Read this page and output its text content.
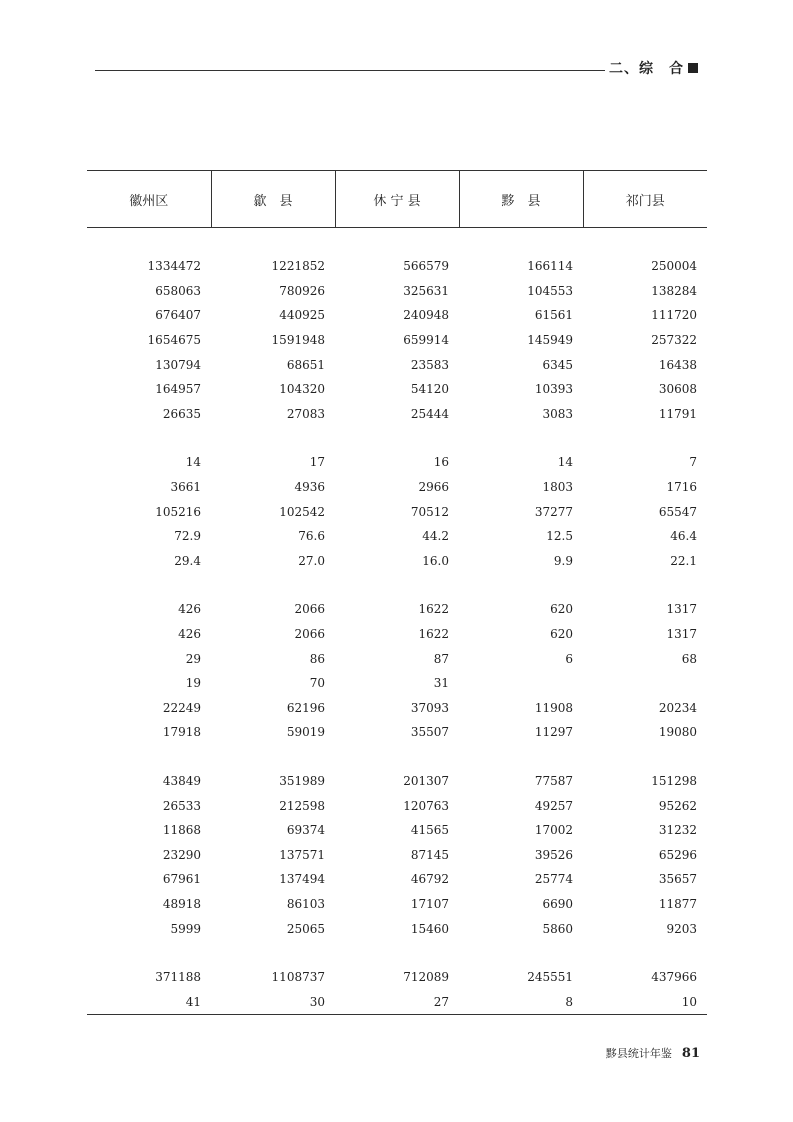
二、综　合
徽州区	歙　县	休 宁 县	黟　县	祁门县

1334472	1221852	566579	166114	250004
658063	780926	325631	104553	138284
676407	440925	240948	61561	111720
1654675	1591948	659914	145949	257322
130794	68651	23583	6345	16438
164957	104320	54120	10393	30608
26635	27083	25444	3083	11791

14	17	16	14	7
3661	4936	2966	1803	1716
105216	102542	70512	37277	65547
72.9	76.6	44.2	12.5	46.4
29.4	27.0	16.0	9.9	22.1

426	2066	1622	620	1317
426	2066	1622	620	1317
29	86	87	6	68
19	70	31		
22249	62196	37093	11908	20234
17918	59019	35507	11297	19080

43849	351989	201307	77587	151298
26533	212598	120763	49257	95262
11868	69374	41565	17002	31232
23290	137571	87145	39526	65296
67961	137494	46792	25774	35657
48918	86103	17107	6690	11877
5999	25065	15460	5860	9203

371188	1108737	712089	245551	437966
41	30	27	8	10
黟县统计年鉴 81
